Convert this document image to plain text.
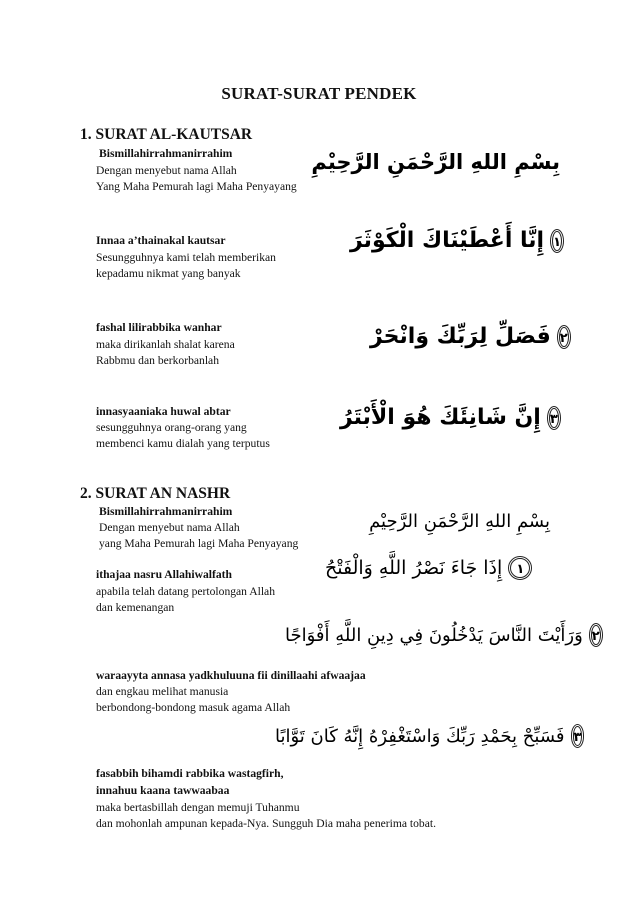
SURAT-SURAT PENDEK
1. SURAT AL-KAUTSAR
Bismillahirrahmanirrahim
Dengan menyebut nama Allah
Yang Maha Pemurah lagi Maha Penyayang
بِسْمِ اللهِ الرَّحْمَنِ الرَّحِيْمِ
Innaa a’thainakal kautsar
Sesungguhnya kami telah memberikan
kepadamu nikmat yang banyak
إِنَّا أَعْطَيْنَاكَ الْكَوْثَرَ ١
fashal lilirabbika wanhar
maka dirikanlah shalat karena
Rabbmu dan berkorbanlah
فَصَلِّ لِرَبِّكَ وَانْحَرْ ٢
innasyaaniaka huwal abtar
sesungguhnya orang-orang yang
membenci kamu dialah yang terputus
إِنَّ شَانِئَكَ هُوَ الْأَبْتَرُ ٣
2. SURAT AN NASHR
Bismillahirrahmanirrahim
Dengan menyebut nama Allah
yang Maha Pemurah lagi Maha Penyayang
بِسْمِ اللهِ الرَّحْمَنِ الرَّحِيْمِ
ithajaa nasru Allahiwalfath
apabila telah datang pertolongan Allah
dan kemenangan
إِذَا جَاءَ نَصْرُ اللَّهِ وَالْفَتْحُ	١
وَرَأَيْتَ النَّاسَ يَدْخُلُونَ فِي دِينِ اللَّهِ أَفْوَاجًا ٢
waraayyta annasa yadkhuluuna fii dinillaahi afwaajaa
dan engkau melihat manusia
berbondong-bondong masuk agama Allah
فَسَبِّحْ بِحَمْدِ رَبِّكَ وَاسْتَغْفِرْهُ إِنَّهُ كَانَ تَوَّابًا ٣
fasabbih bihamdi rabbika wastagfirh,
innahuu kaana tawwaabaa
maka bertasbillah dengan memuji Tuhanmu
dan mohonlah ampunan kepada-Nya. Sungguh Dia maha penerima tobat.
